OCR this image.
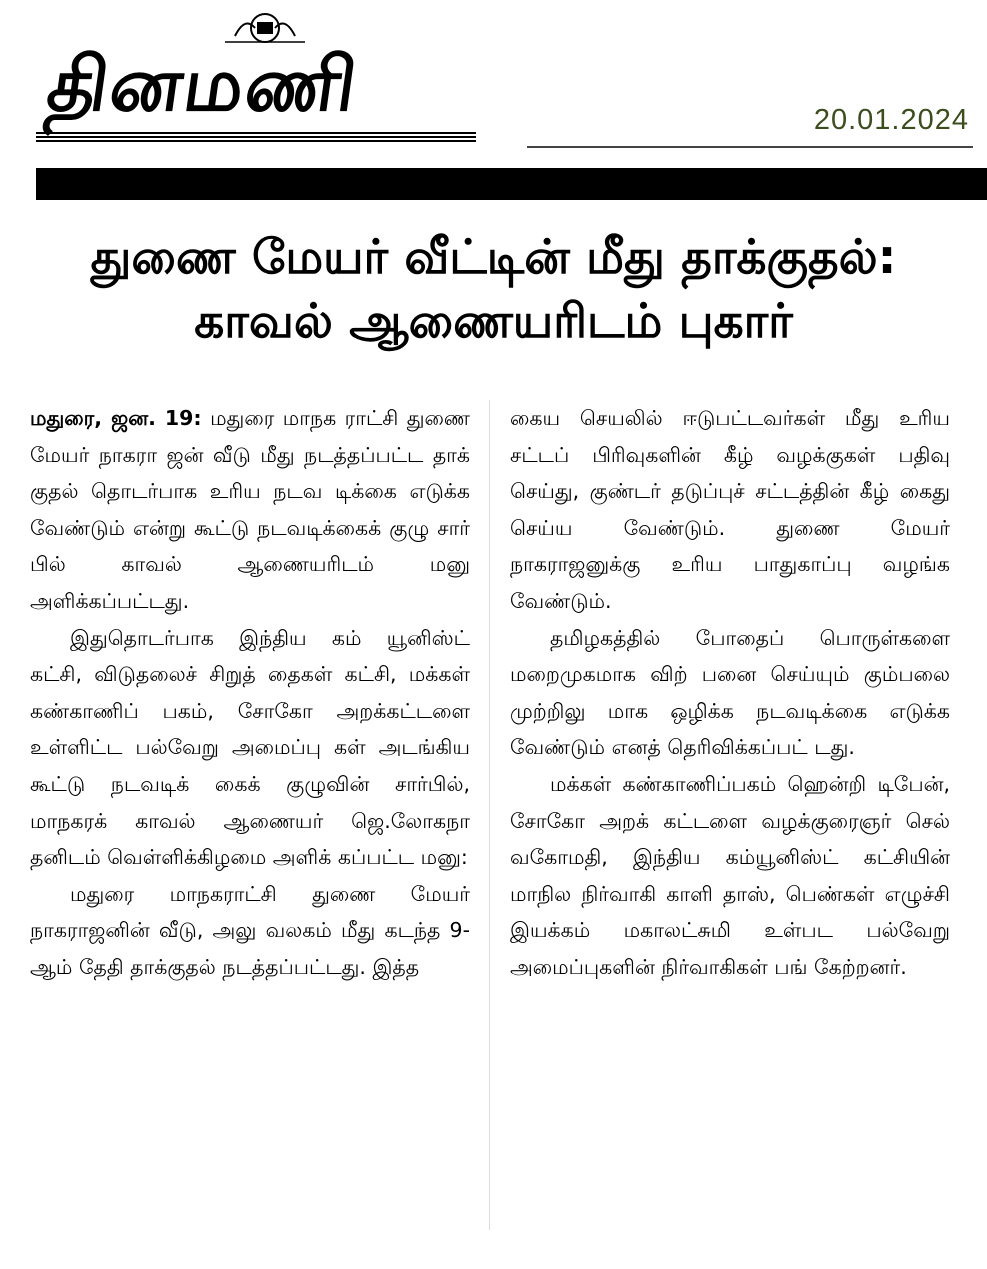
தினமணி	20.01.2024
துணை மேயர் வீட்டின் மீது தாக்குதல்:
காவல் ஆணையரிடம் புகார்

மதுரை, ஜன. 19: மதுரை மாநக ராட்சி துணை மேயர் நாகரா ஜன் வீடு மீது நடத்தப்பட்ட தாக் குதல் தொடர்பாக உரிய நடவ டிக்கை எடுக்க வேண்டும் என்று கூட்டு நடவடிக்கைக் குழு சார் பில் காவல் ஆணையரிடம் மனு அளிக்கப்பட்டது.

இதுதொடர்பாக இந்திய கம் யூனிஸ்ட் கட்சி, விடுதலைச் சிறுத் தைகள் கட்சி, மக்கள் கண்காணிப் பகம், சோகோ அறக்கட்டளை உள்ளிட்ட பல்வேறு அமைப்பு கள் அடங்கிய கூட்டு நடவடிக் கைக் குழுவின் சார்பில், மாநகரக் காவல் ஆணையர் ஜெ.லோகநா தனிடம் வெள்ளிக்கிழமை அளிக் கப்பட்ட மனு:

மதுரை மாநகராட்சி துணை மேயர் நாகராஜனின் வீடு, அலு வலகம் மீது கடந்த 9-ஆம் தேதி தாக்குதல் நடத்தப்பட்டது. இத்த

கைய செயலில் ஈடுபட்டவர்கள் மீது உரிய சட்டப் பிரிவுகளின் கீழ் வழக்குகள் பதிவு செய்து, குண்டர் தடுப்புச் சட்டத்தின் கீழ் கைது செய்ய வேண்டும். துணை மேயர் நாகராஜனுக்கு உரிய பாதுகாப்பு வழங்க வேண்டும்.

தமிழகத்தில் போதைப் பொருள்களை மறைமுகமாக விற் பனை செய்யும் கும்பலை முற்றிலு மாக ஒழிக்க நடவடிக்கை எடுக்க வேண்டும் எனத் தெரிவிக்கப்பட் டது.

மக்கள் கண்காணிப்பகம் ஹென்றி டிபேன், சோகோ அறக் கட்டளை வழக்குரைஞர் செல் வகோமதி, இந்திய கம்யூனிஸ்ட் கட்சியின் மாநில நிர்வாகி காளி தாஸ், பெண்கள் எழுச்சி இயக்கம் மகாலட்சுமி உள்பட பல்வேறு அமைப்புகளின் நிர்வாகிகள் பங் கேற்றனர்.
